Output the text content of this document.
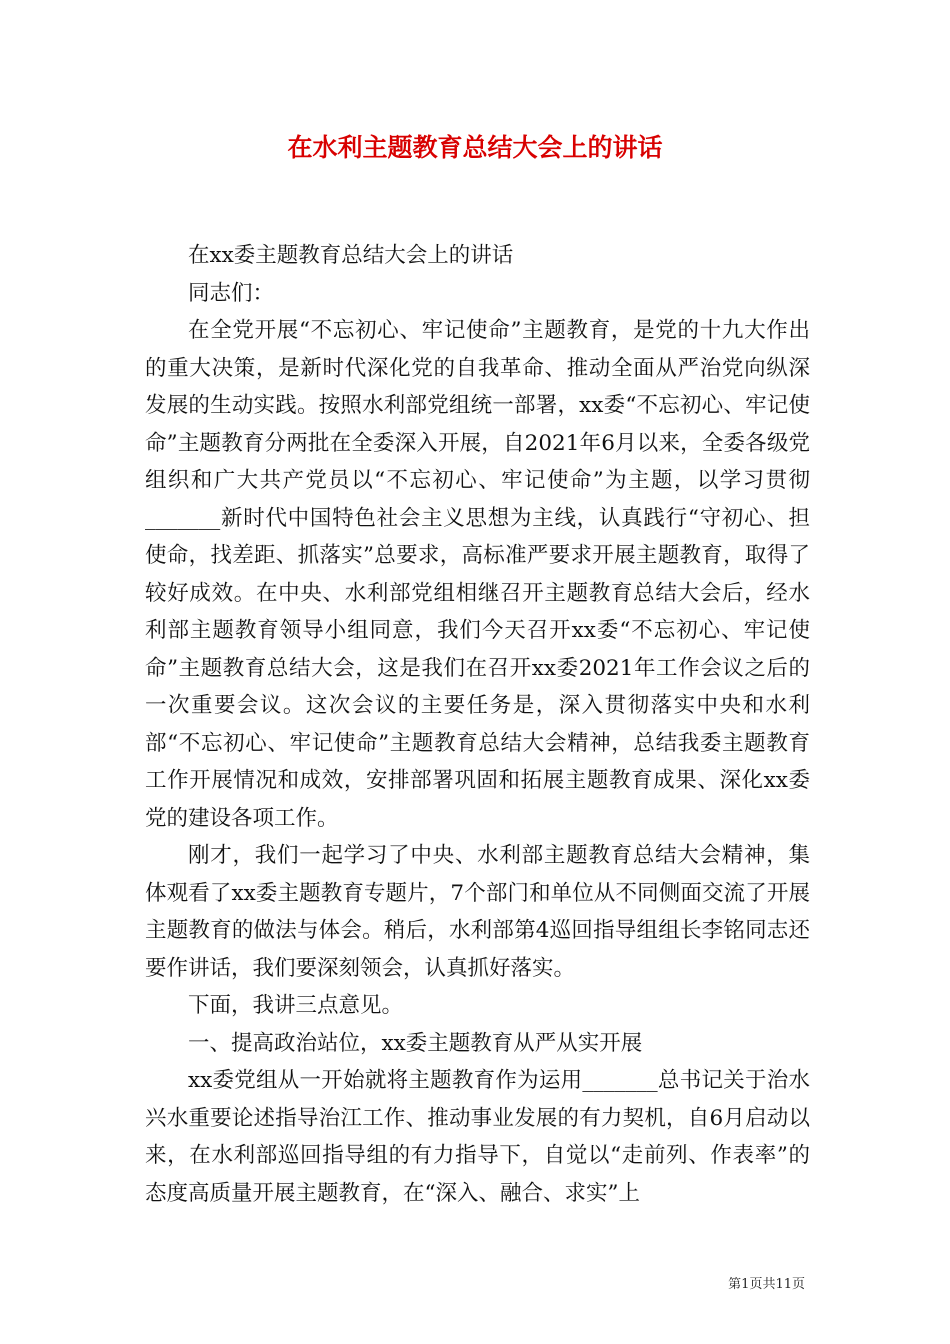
在水利主题教育总结大会上的讲话

在xx委主题教育总结大会上的讲话

同志们：

在全党开展“不忘初心、牢记使命”主题教育，是党的十九大作出的重大决策，是新时代深化党的自我革命、推动全面从严治党向纵深发展的生动实践。按照水利部党组统一部署，xx委“不忘初心、牢记使命”主题教育分两批在全委深入开展，自2021年6月以来，全委各级党组织和广大共产党员以“不忘初心、牢记使命”为主题，以学习贯彻_______新时代中国特色社会主义思想为主线，认真践行“守初心、担使命，找差距、抓落实”总要求，高标准严要求开展主题教育，取得了较好成效。在中央、水利部党组相继召开主题教育总结大会后，经水利部主题教育领导小组同意，我们今天召开xx委“不忘初心、牢记使命”主题教育总结大会，这是我们在召开xx委2021年工作会议之后的一次重要会议。这次会议的主要任务是，深入贯彻落实中央和水利部“不忘初心、牢记使命”主题教育总结大会精神，总结我委主题教育工作开展情况和成效，安排部署巩固和拓展主题教育成果、深化xx委党的建设各项工作。

刚才，我们一起学习了中央、水利部主题教育总结大会精神，集体观看了xx委主题教育专题片，7个部门和单位从不同侧面交流了开展主题教育的做法与体会。稍后，水利部第4巡回指导组组长李铭同志还要作讲话，我们要深刻领会，认真抓好落实。

下面，我讲三点意见。

一、提高政治站位，xx委主题教育从严从实开展

xx委党组从一开始就将主题教育作为运用_______总书记关于治水兴水重要论述指导治江工作、推动事业发展的有力契机，自6月启动以来，在水利部巡回指导组的有力指导下，自觉以“走前列、作表率”的态度高质量开展主题教育，在“深入、融合、求实”上

第1页共11页
